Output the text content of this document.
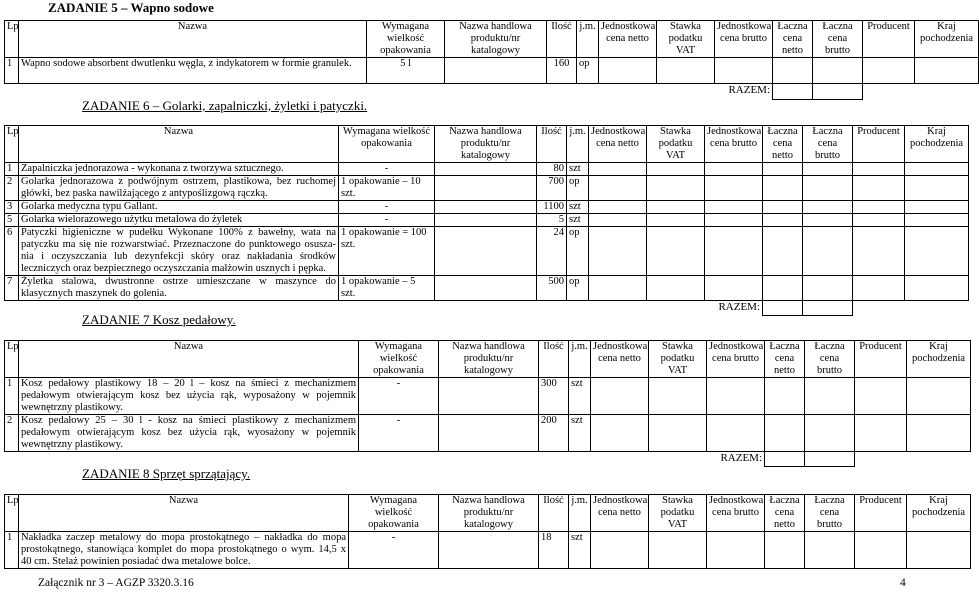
ZADANIE 5 – Wapno sodowe
Lp	Nazwa	Wymagana wielkość opakowania	Nazwa handlowa produktu/nr katalogowy	Ilość	j.m.	Jednostkowa cena netto	Stawka podatku VAT	Jednostkowa cena brutto	Łaczna cena netto	Łaczna cena brutto	Producent	Kraj pochodzenia
1	Wapno sodowe absorbent dwutlenku węgla, z indykatorem w formie granulek.	5 l		160	op							
RAZEM:												
ZADANIE 6 – Golarki, zapalniczki, żyletki i patyczki.
Lp	Nazwa	Wymagana wielkość opakowania	Nazwa handlowa produktu/nr katalogowy	Ilość	j.m.	Jednostkowa cena netto	Stawka podatku VAT	Jednostkowa cena brutto	Łaczna cena netto	Łaczna cena brutto	Producent	Kraj pochodzenia
1	Zapalniczka jednorazowa - wykonana z tworzywa sztucznego.	-		80	szt							
2	Golarka jednorazowa z podwójnym ostrzem, plastikowa, bez ruchomej główki, bez paska nawilżającego z antypoślizgową rączką.	1 opakowanie – 10 szt.		700	op							
3	Golarka medyczna typu Gallant.	-		1100	szt							
5	Golarka wielorazowego użytku metalowa do żyletek	-		5	szt							
6	Patyczki higieniczne w pudełku Wykonane 100% z bawełny, wata na patyczku ma się nie rozwarstwiać. Przeznaczone do punktowego osuszania i oczyszczania lub dezynfekcji skóry oraz nakładania środków leczniczych oraz bezpiecznego oczyszczania małżowin usznych i pępka.	1 opakowanie = 100 szt.		24	op							
7	Żyletka stalowa, dwustronne ostrze umieszczane w maszynce do klasycznych maszynek do golenia.	1 opakowanie – 5 szt.		500	op							
RAZEM:												
ZADANIE 7 Kosz pedałowy.
Lp	Nazwa	Wymagana wielkość opakowania	Nazwa handlowa produktu/nr katalogowy	Ilość	j.m.	Jednostkowa cena netto	Stawka podatku VAT	Jednostkowa cena brutto	Łaczna cena netto	Łaczna cena brutto	Producent	Kraj pochodzenia
1	Kosz pedałowy plastikowy 18 – 20 l – kosz na śmieci z mechanizmem pedałowym otwierającym kosz bez użycia rąk, wyposażony w pojemnik wewnętrzny plastikowy.	-		300	szt							
2	Kosz pedałowy 25 – 30 l - kosz na śmieci plastikowy z mechanizmem pedałowym otwierającym kosz bez użycia rąk, wyosażony w pojemnik wewnętrzny plastikowy.	-		200	szt							
RAZEM:												
ZADANIE 8 Sprzęt sprzątający.
Lp	Nazwa	Wymagana wielkość opakowania	Nazwa handlowa produktu/nr katalogowy	Ilość	j.m.	Jednostkowa cena netto	Stawka podatku VAT	Jednostkowa cena brutto	Łaczna cena netto	Łaczna cena brutto	Producent	Kraj pochodzenia
1	Nakładka zaczep metalowy do mopa prostokątnego – nakładka do mopa prostokątnego, stanowiąca komplet do mopa prostokątnego o wym. 14,5 x 40 cm. Stelaż powinien posiadać dwa metalowe bolce.	-		18	szt							
Załącznik nr 3 – AGZP 3320.3.16	4
